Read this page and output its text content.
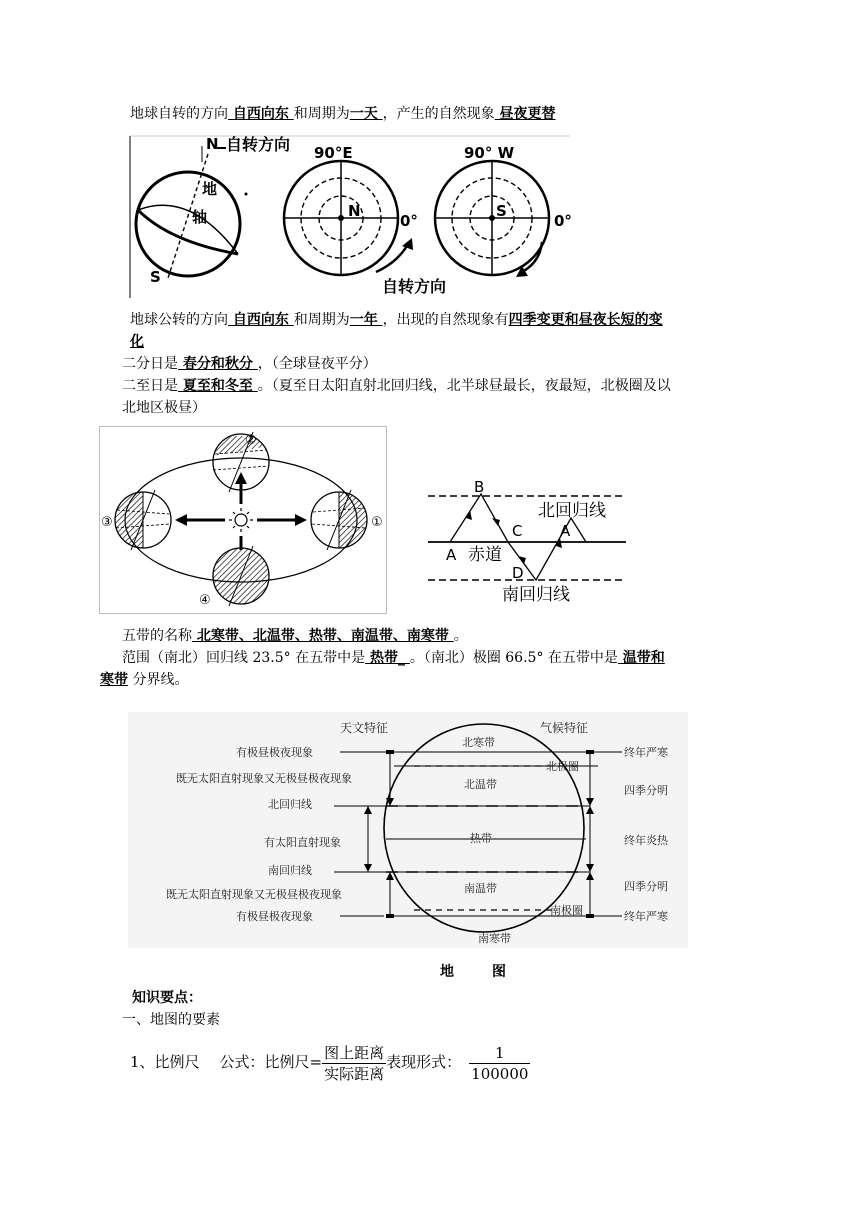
地球自转的方向 自西向东 和周期为一天 ，产生的自然现象 昼夜更替
N 自转方向
地
轴
S
90°E
N
0°
自转方向
90° W
S
0°
地球公转的方向 自西向东 和周期为一年 ，出现的自然现象有四季变更和昼夜长短的变
化
二分日是 春分和秋分 ，（全球昼夜平分）
二至日是 夏至和冬至 。（夏至日太阳直射北回归线，北半球昼最长，夜最短，北极圈及以
北地区极昼）
①
③
②
④
B
C
A
A
D
北回归线
赤道
南回归线
五带的名称 北寒带、北温带、热带、南温带、南寒带 。
范围（南北）回归线 23.5° 在五带中是 热带_ 。（南北）极圈 66.5° 在五带中是 温带和
寒带 分界线。
天文特征	气候特征
有极昼极夜现象
既无太阳直射现象又无极昼极夜现象
北回归线
有太阳直射现象
南回归线
既无太阳直射现象又无极昼极夜现象
有极昼极夜现象
北寒带
北温带
热带
南温带
南寒带
北极圈
南极圈
终年严寒
四季分明
终年炎热
四季分明
终年严寒
地	图
知识要点：
一、地图的要素
1、比例尺 公式：比例尺= $\frac{\text{图上距离}}{\text{实际距离}}$ 表现形式： $\frac{1}{100000}$
